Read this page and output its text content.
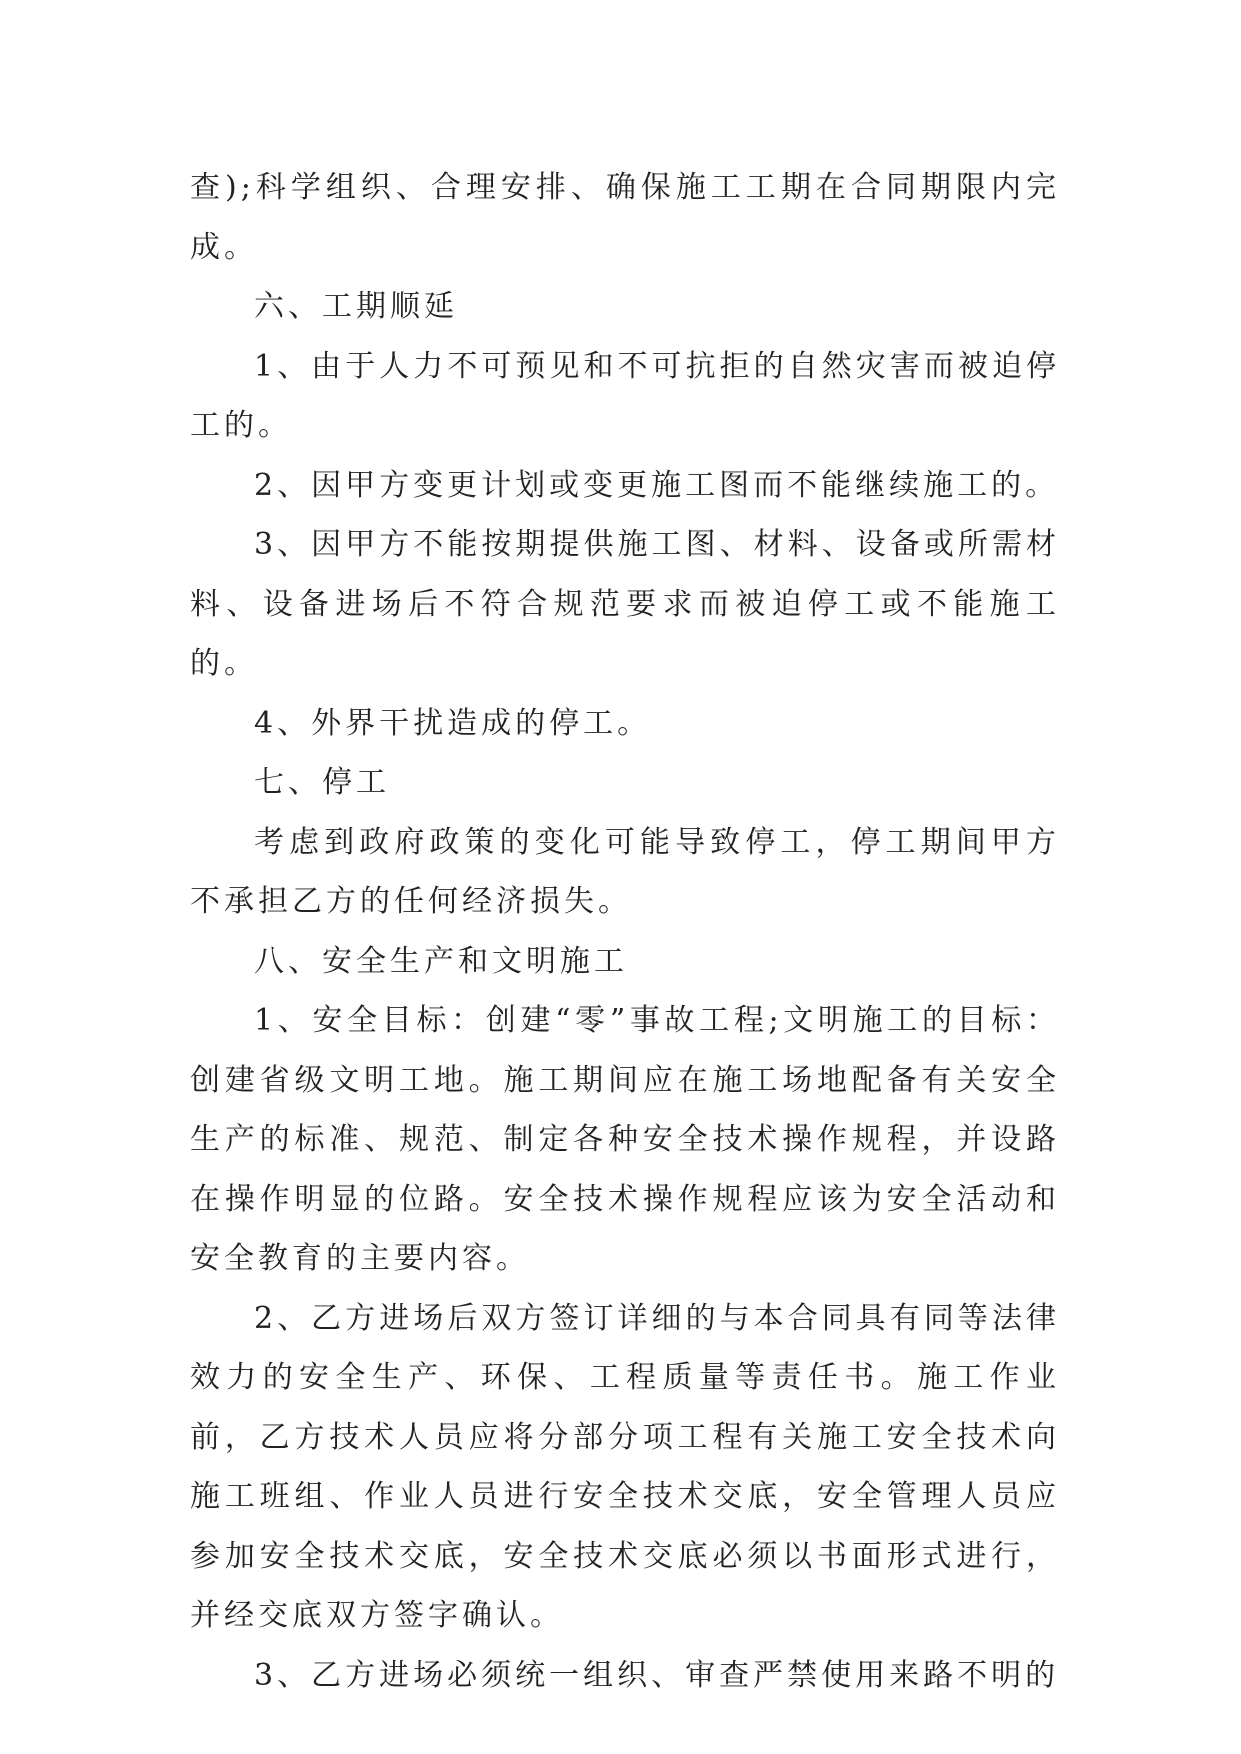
查);科学组织、合理安排、确保施工工期在合同期限内完成。

六、工期顺延

1、由于人力不可预见和不可抗拒的自然灾害而被迫停工的。

2、因甲方变更计划或变更施工图而不能继续施工的。

3、因甲方不能按期提供施工图、材料、设备或所需材料、设备进场后不符合规范要求而被迫停工或不能施工的。

4、外界干扰造成的停工。

七、停工

考虑到政府政策的变化可能导致停工，停工期间甲方不承担乙方的任何经济损失。

八、安全生产和文明施工

1、安全目标：创建“零”事故工程;文明施工的目标：创建省级文明工地。施工期间应在施工场地配备有关安全生产的标准、规范、制定各种安全技术操作规程，并设路在操作明显的位路。安全技术操作规程应该为安全活动和安全教育的主要内容。

2、乙方进场后双方签订详细的与本合同具有同等法律效力的安全生产、环保、工程质量等责任书。施工作业前，乙方技术人员应将分部分项工程有关施工安全技术向施工班组、作业人员进行安全技术交底，安全管理人员应参加安全技术交底，安全技术交底必须以书面形式进行，并经交底双方签字确认。

3、乙方进场必须统一组织、审查严禁使用来路不明的
